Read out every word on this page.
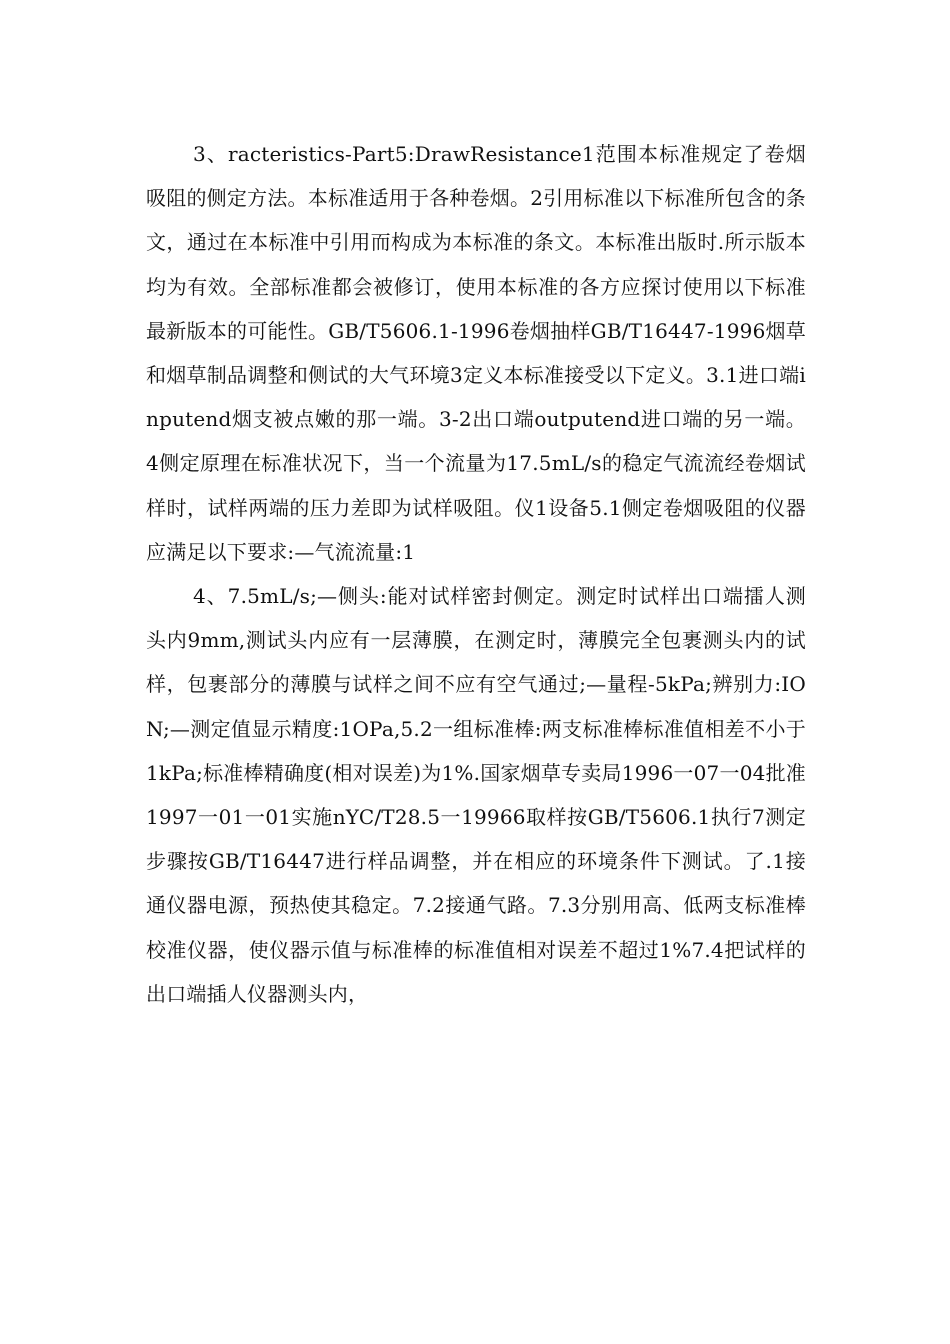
3、racteristics-Part5:DrawResistance1范围本标准规定了卷烟吸阻的侧定方法。本标准适用于各种卷烟。2引用标准以下标准所包含的条文，通过在本标准中引用而构成为本标准的条文。本标准出版时.所示版本均为有效。全部标准都会被修订，使用本标准的各方应探讨使用以下标准最新版本的可能性。GB/T5606.1-1996卷烟抽样GB/T16447-1996烟草和烟草制品调整和侧试的大气环境3定义本标准接受以下定义。3.1进口端inputend烟支被点嫩的那一端。3-2出口端outputend进口端的另一端。4侧定原理在标准状况下，当一个流量为17.5mL/s的稳定气流流经卷烟试样时，试样两端的压力差即为试样吸阻。仪1设备5.1侧定卷烟吸阻的仪器应满足以下要求:—气流流量:1

4、7.5mL/s;—侧头:能对试样密封侧定。测定时试样出口端擂人测头内9mm,测试头内应有一层薄膜，在测定时，薄膜完全包裹测头内的试样，包裹部分的薄膜与试样之间不应有空气通过;—量程-5kPa;辨别力:ION;—测定值显示精度:1OPa,5.2一组标准棒:两支标准棒标准值相差不小于1kPa;标准棒精确度(相对误差)为1%.国家烟草专卖局1996一07一04批准1997一01一01实施nYC/T28.5一19966取样按GB/T5606.1执行7测定步骤按GB/T16447进行样品调整，并在相应的环境条件下测试。了.1接通仪器电源，预热使其稳定。7.2接通气路。7.3分别用高、低两支标准棒校准仪器，使仪器示值与标准棒的标准值相对误差不超过1%7.4把试样的出口端插人仪器测头内，
